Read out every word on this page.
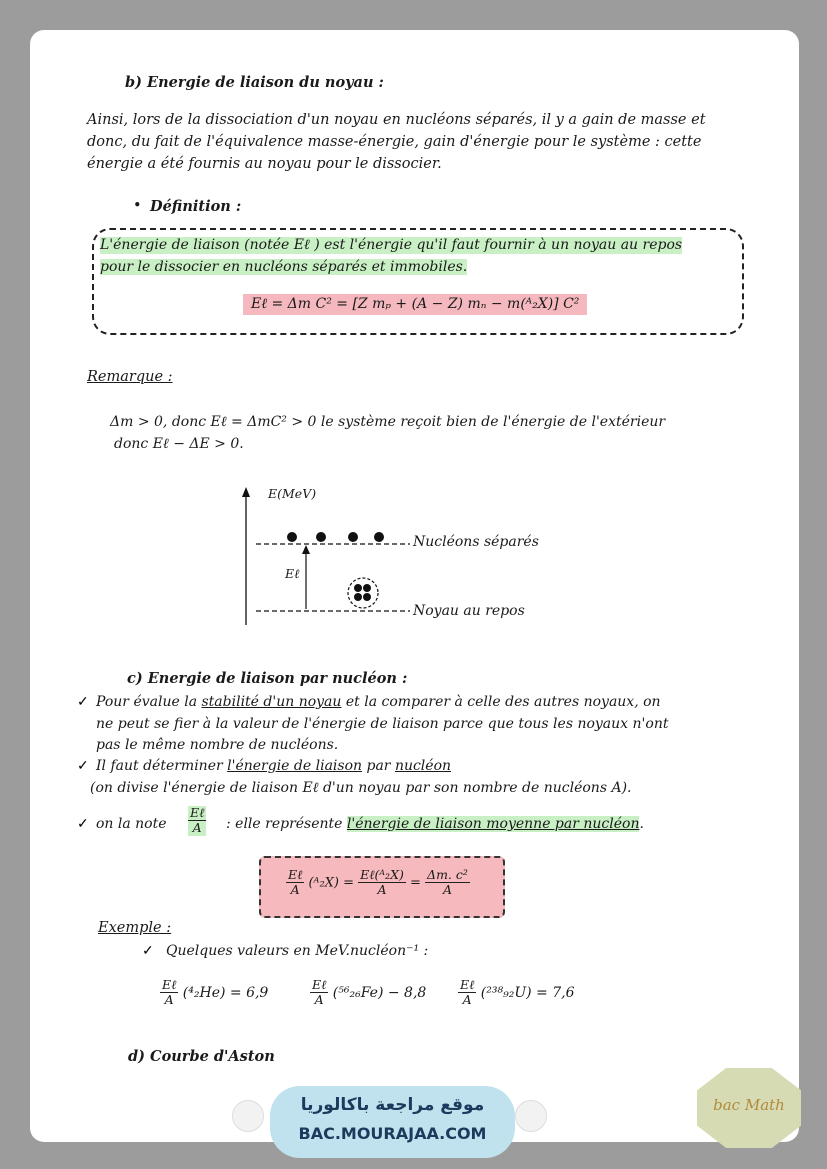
b) Energie de liaison du noyau :
Ainsi, lors de la dissociation d'un noyau en nucléons séparés, il y a gain de masse et
donc, du fait de l'équivalence masse-énergie, gain d'énergie pour le système : cette
énergie a été fournis au noyau pour le dissocier.
• Définition :
L'énergie de liaison (notée Eℓ ) est l'énergie qu'il faut fournir à un noyau au repos
pour le dissocier en nucléons séparés et immobiles.
Eℓ = Δm C² = [Z mₚ + (A − Z) mₙ − m(ᴬ₂X)] C²
Remarque :
Δm > 0, donc Eℓ = ΔmC² > 0 le système reçoit bien de l'énergie de l'extérieur
donc Eℓ − ΔE > 0.
E(MeV)
Eℓ
Nucléons séparés
Noyau au repos
c) Energie de liaison par nucléon :
✓ Pour évalue la stabilité d'un noyau et la comparer à celle des autres noyaux, on
ne peut se fier à la valeur de l'énergie de liaison parce que tous les noyaux n'ont
pas le même nombre de nucléons.
✓ Il faut déterminer l'énergie de liaison par nucléon
(on divise l'énergie de liaison Eℓ d'un noyau par son nombre de nucléons A).
✓ on la note $\frac{\text{Eℓ}}{A}$ : elle représente l'énergie de liaison moyenne par nucléon.
$\frac{\text{Eℓ}}{A}$ (ᴬ₂X) = $\frac{\text{Eℓ(ᴬ₂X)}}{A} = \frac{\text{Δm. c²}}{A}$
Exemple :
✓ Quelques valeurs en MeV.nucléon⁻¹ :
$\frac{\text{Eℓ}}{A} (^4_2He) = 6,9$	$\frac{\text{Eℓ}}{A} (^{56}_{26}Fe) - 8,8$	$\frac{\text{Eℓ}}{A} (^{238}_{92}U) = 7,6$
d) Courbe d'Aston
موقع مراجعة باكالوريا
BAC.MOURAJAA.COM
bac Math
